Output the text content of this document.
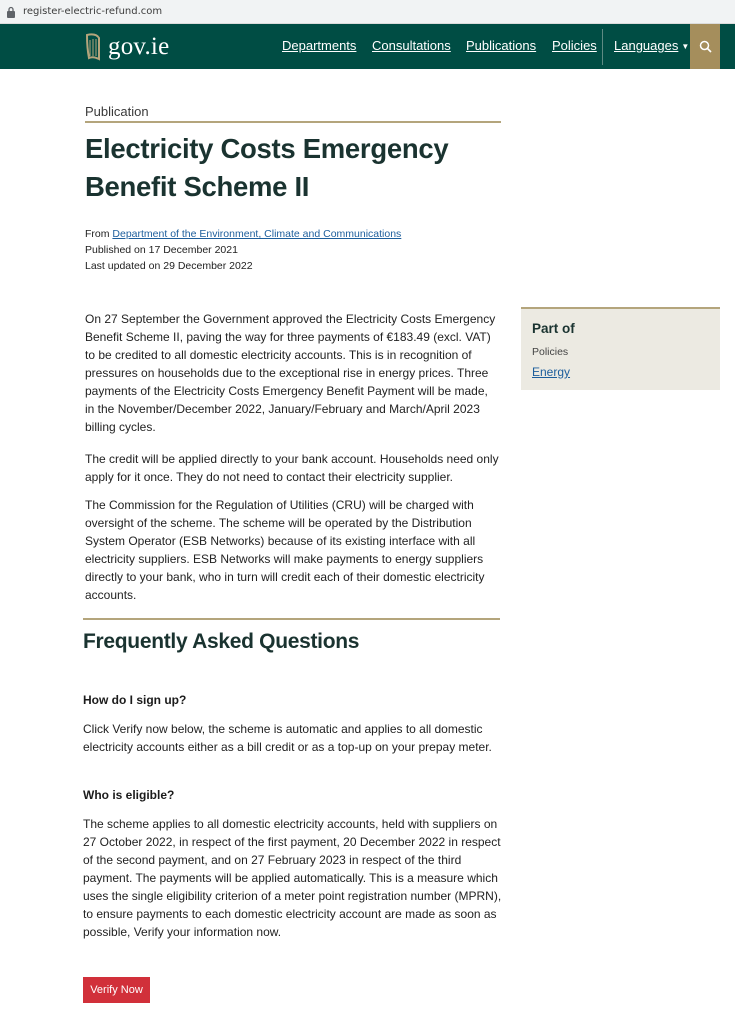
register-electric-refund.com
gov.ie	Departments Consultations Publications Policies Languages ▼
Publication
Electricity Costs Emergency
Benefit Scheme II
From Department of the Environment, Climate and Communications
Published on 17 December 2021
Last updated on 29 December 2022

On 27 September the Government approved the Electricity Costs Emergency Benefit Scheme II, paving the way for three payments of €183.49 (excl. VAT) to be credited to all domestic electricity accounts. This is in recognition of pressures on households due to the exceptional rise in energy prices. Three payments of the Electricity Costs Emergency Benefit Payment will be made, in the November/December 2022, January/February and March/April 2023 billing cycles.

The credit will be applied directly to your bank account. Households need only apply for it once. They do not need to contact their electricity supplier.

The Commission for the Regulation of Utilities (CRU) will be charged with oversight of the scheme. The scheme will be operated by the Distribution System Operator (ESB Networks) because of its existing interface with all electricity suppliers. ESB Networks will make payments to energy suppliers directly to your bank, who in turn will credit each of their domestic electricity accounts.

Frequently Asked Questions
How do I sign up?

Click Verify now below, the scheme is automatic and applies to all domestic electricity accounts either as a bill credit or as a top-up on your prepay meter.

Who is eligible?

The scheme applies to all domestic electricity accounts, held with suppliers on 27 October 2022, in respect of the first payment, 20 December 2022 in respect of the second payment, and on 27 February 2023 in respect of the third payment. The payments will be applied automatically. This is a measure which uses the single eligibility criterion of a meter point registration number (MPRN), to ensure payments to each domestic electricity account are made as soon as possible, Verify your information now.

Verify Now
Part of
Policies
Energy
